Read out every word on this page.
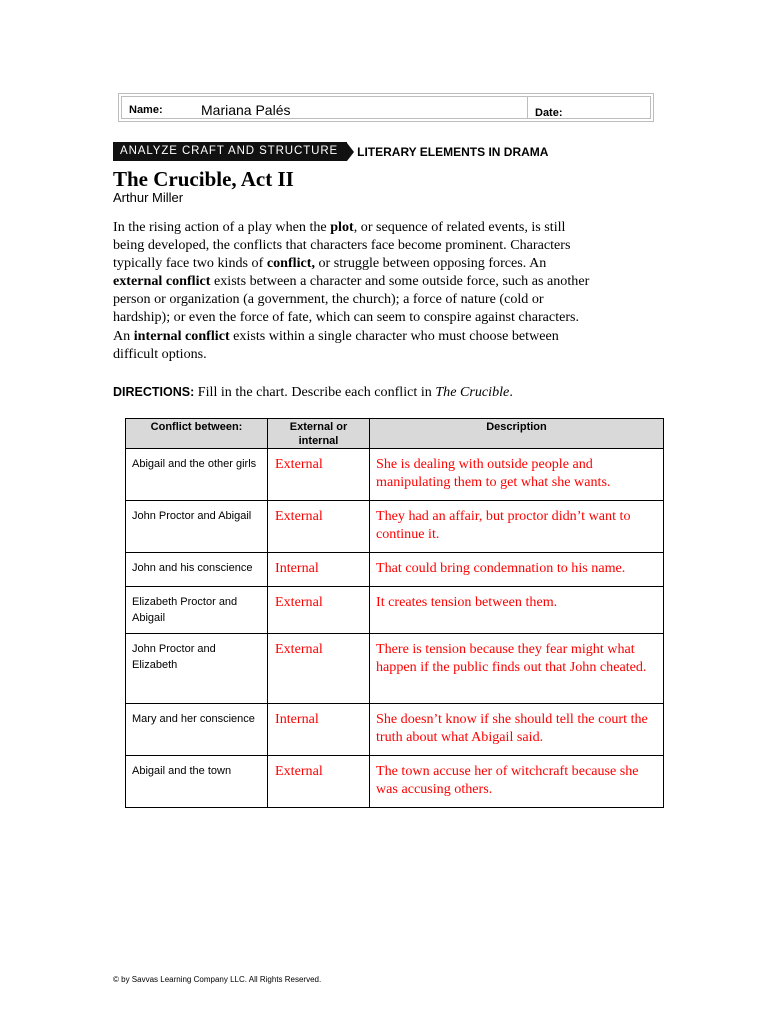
Name:	Mariana Palés	Date:
ANALYZE CRAFT AND STRUCTURE	LITERARY ELEMENTS IN DRAMA
The Crucible, Act II
Arthur Miller

In the rising action of a play when the plot, or sequence of related events, is still being developed, the conflicts that characters face become prominent. Characters typically face two kinds of conflict, or struggle between opposing forces. An external conflict exists between a character and some outside force, such as another person or organization (a government, the church); a force of nature (cold or hardship); or even the force of fate, which can seem to conspire against characters. An internal conflict exists within a single character who must choose between difficult options.

DIRECTIONS: Fill in the chart. Describe each conflict in The Crucible.
Conflict between:	External or internal	Description
Abigail and the other girls	External	She is dealing with outside people and manipulating them to get what she wants.
John Proctor and Abigail	External	They had an affair, but proctor didn’t want to continue it.
John and his conscience	Internal	That could bring condemnation to his name.
Elizabeth Proctor and Abigail	External	It creates tension between them.
John Proctor and Elizabeth	External	There is tension because they fear might what happen if the public finds out that John cheated.
Mary and her conscience	Internal	She doesn’t know if she should tell the court the truth about what Abigail said.
Abigail and the town	External	The town accuse her of witchcraft because she was accusing others.
© by Savvas Learning Company LLC. All Rights Reserved.
